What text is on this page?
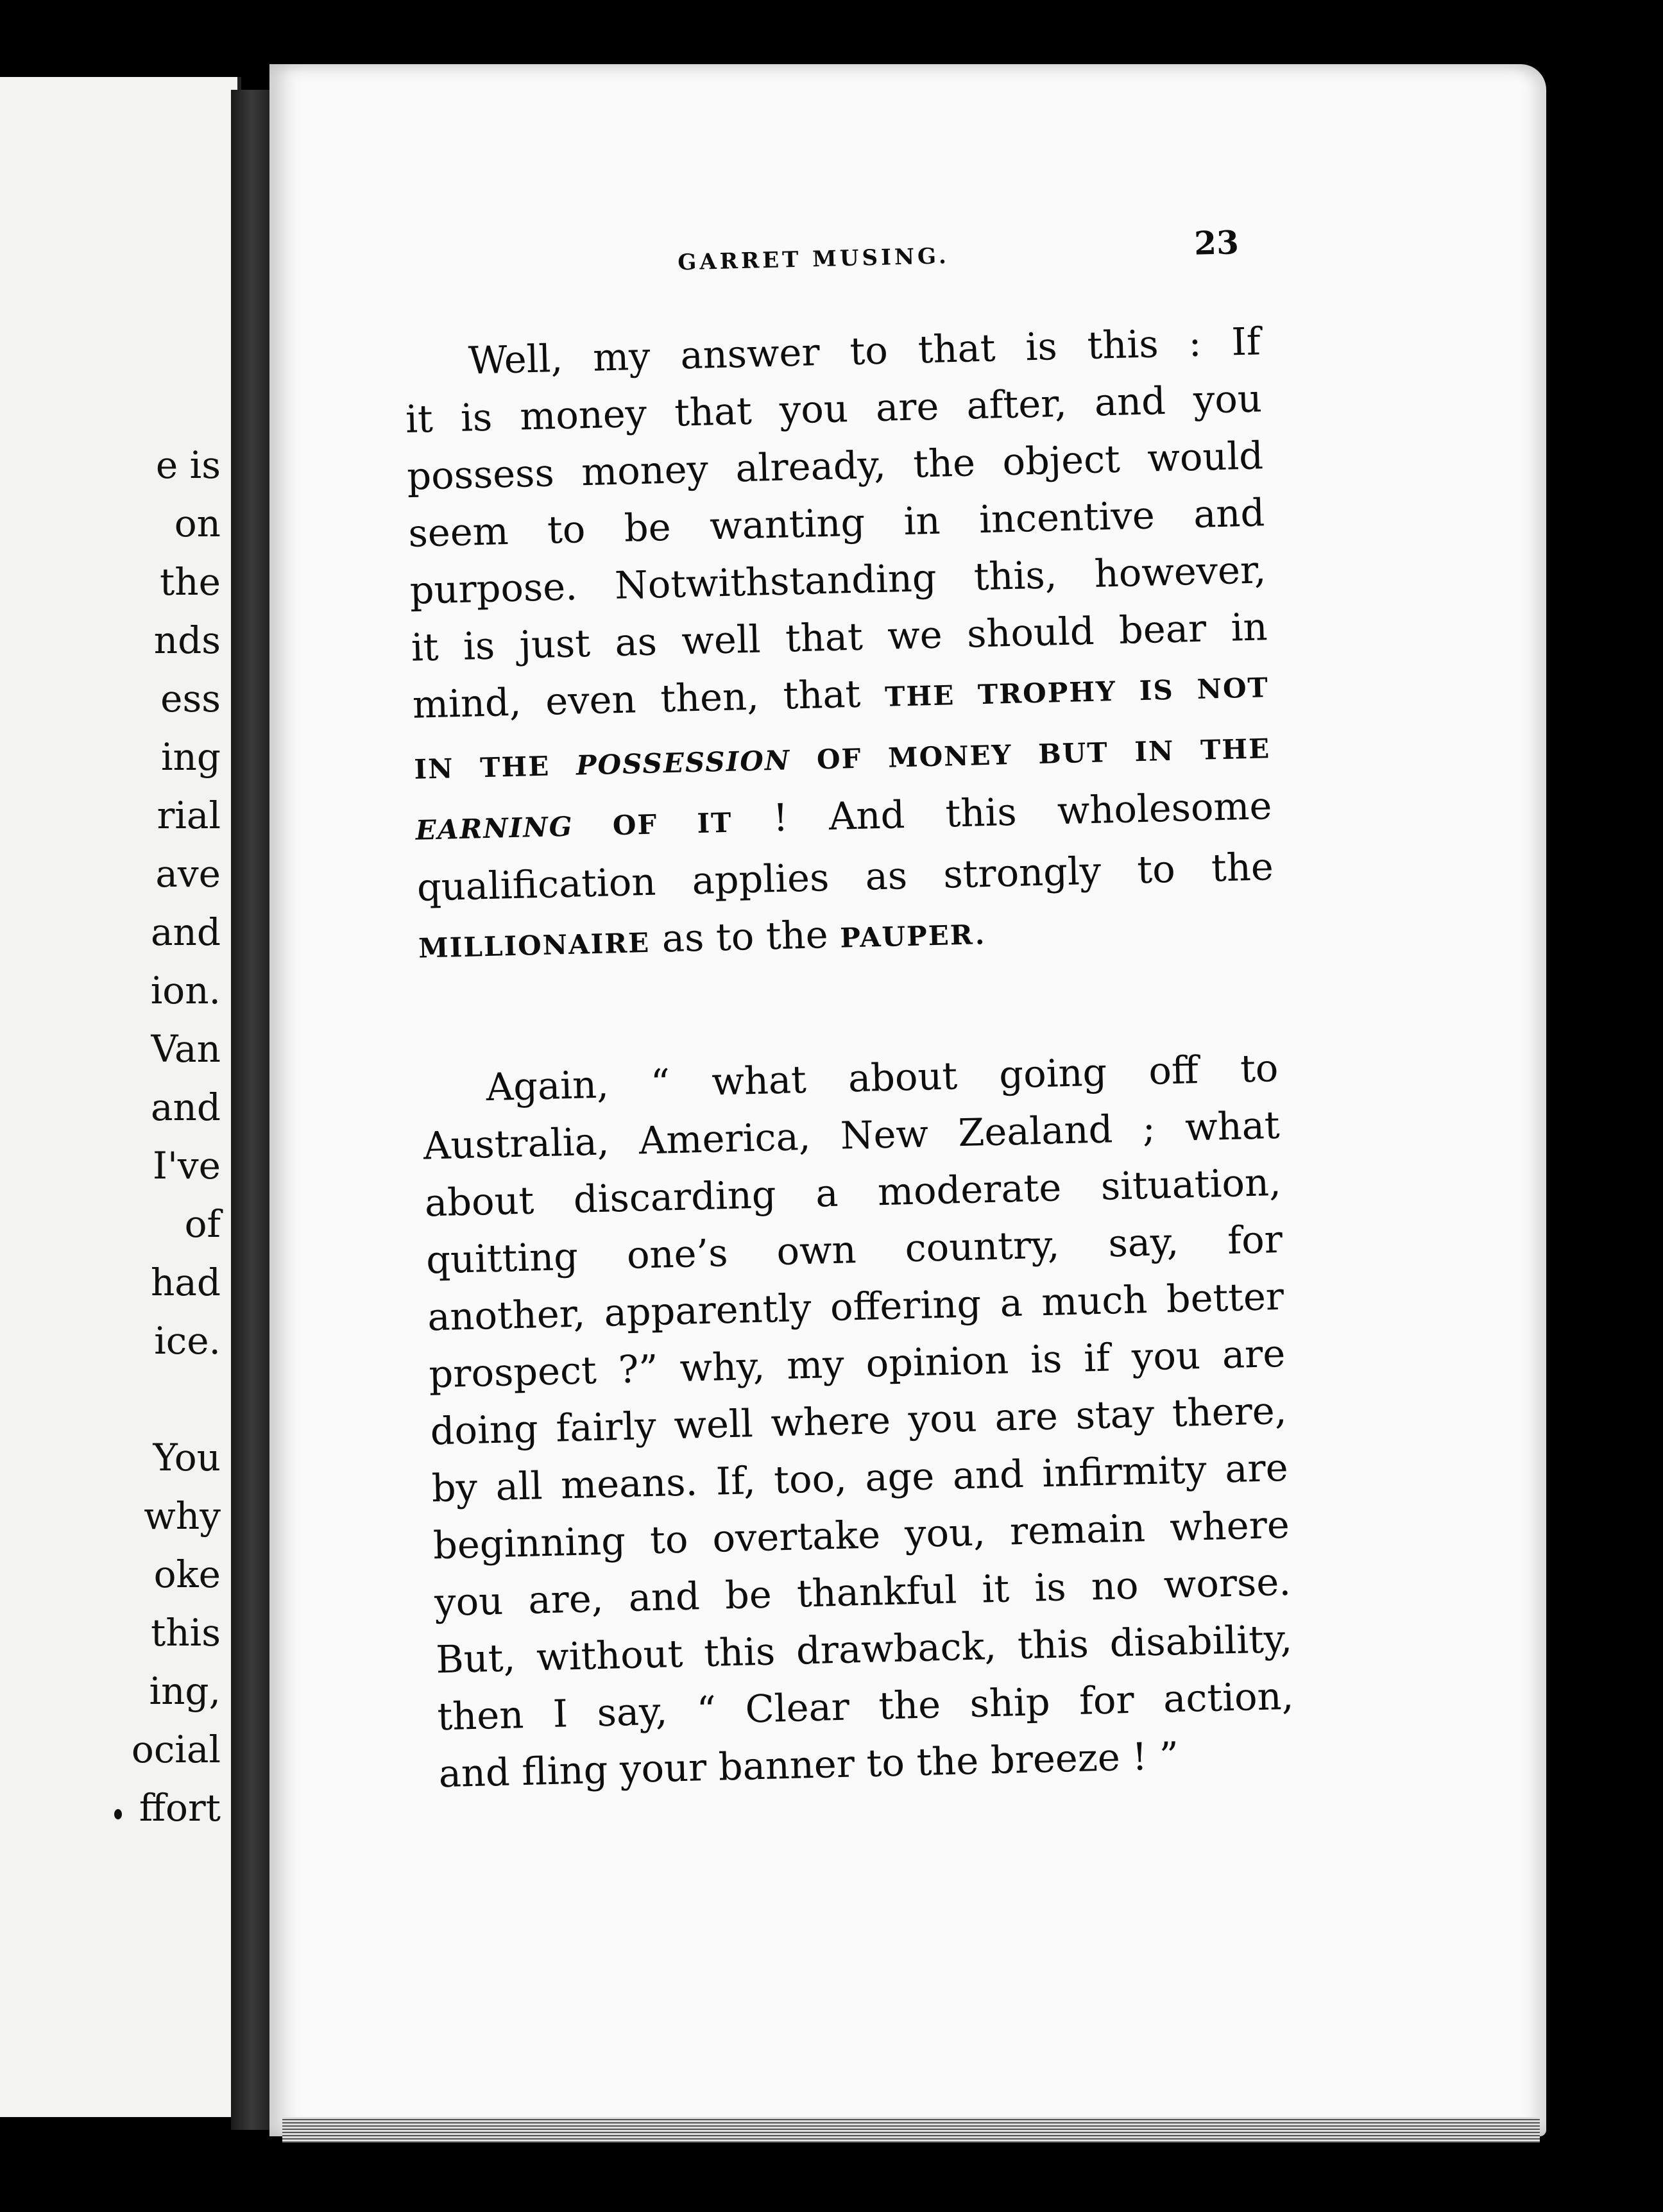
e is
on
the
nds
ess
ing
rial
ave
and
ion.
Van
and
I've
of
had
ice.
You
why
oke
this
ing,
ocial
ffort
GARRET MUSING.	23
Well, my answer to that is this : If
it is money that you are after, and you
possess money already, the object would
seem to be wanting in incentive and
purpose. Notwithstanding this, however,
it is just as well that we should bear in
mind, even then, that THE TROPHY IS NOT
IN THE POSSESSION OF MONEY BUT IN THE
EARNING OF IT ! And this wholesome
qualification applies as strongly to the
MILLIONAIRE as to the PAUPER.
Again, “ what about going off to
Australia, America, New Zealand ; what
about discarding a moderate situation,
quitting one’s own country, say, for
another, apparently offering a much better
prospect ?” why, my opinion is if you are
doing fairly well where you are stay there,
by all means. If, too, age and infirmity are
beginning to overtake you, remain where
you are, and be thankful it is no worse.
But, without this drawback, this disability,
then I say, “ Clear the ship for action,
and fling your banner to the breeze ! ”
